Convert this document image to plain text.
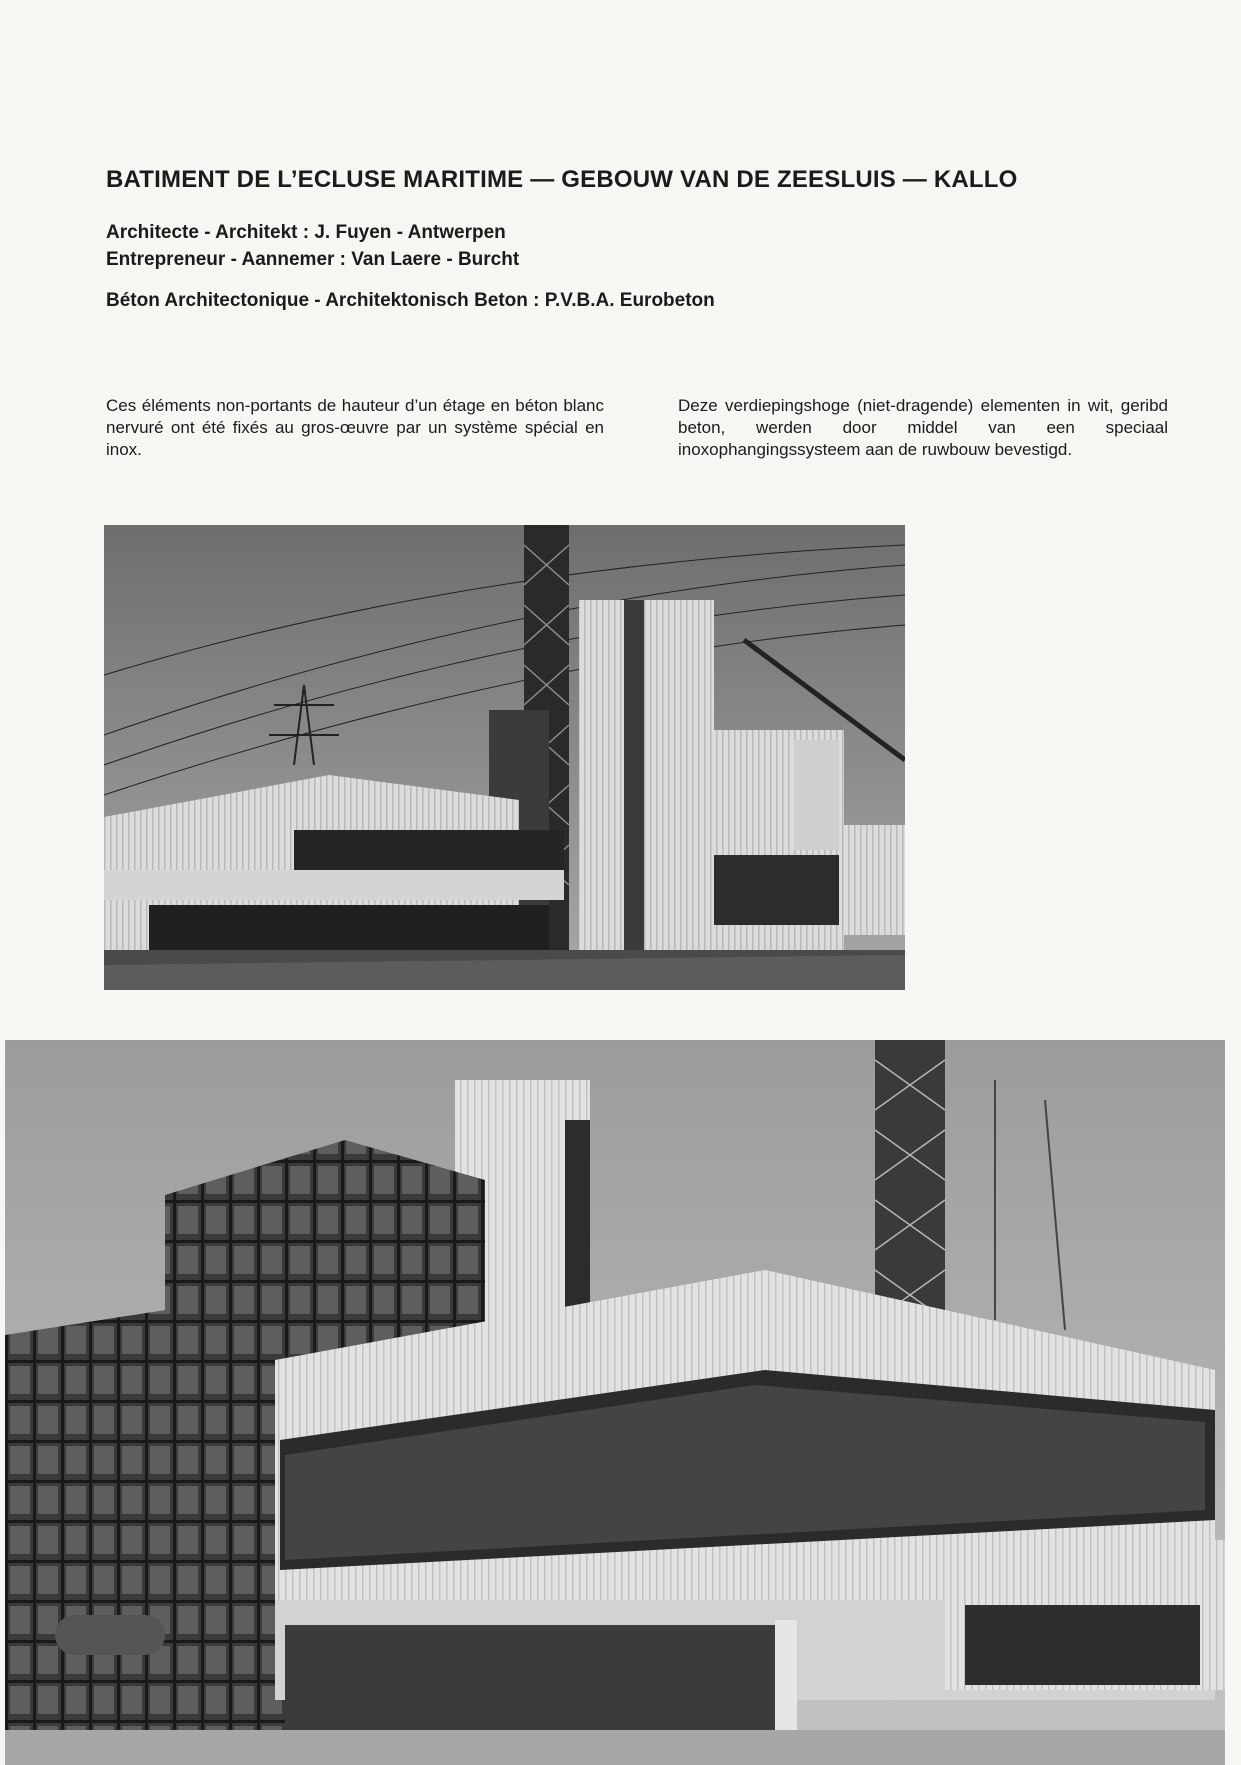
BATIMENT DE L’ECLUSE MARITIME — GEBOUW VAN DE ZEESLUIS — KALLO
Architecte - Architekt : J. Fuyen - Antwerpen
Entrepreneur - Aannemer : Van Laere - Burcht
Béton Architectonique - Architektonisch Beton : P.V.B.A. Eurobeton
Ces éléments non-portants de hauteur d’un étage en béton blanc nervuré ont été fixés au gros-œuvre par un système spécial en inox.
Deze verdiepingshoge (niet-dragende) elementen in wit, geribd beton, werden door middel van een speciaal inoxophangingssysteem aan de ruwbouw bevestigd.
